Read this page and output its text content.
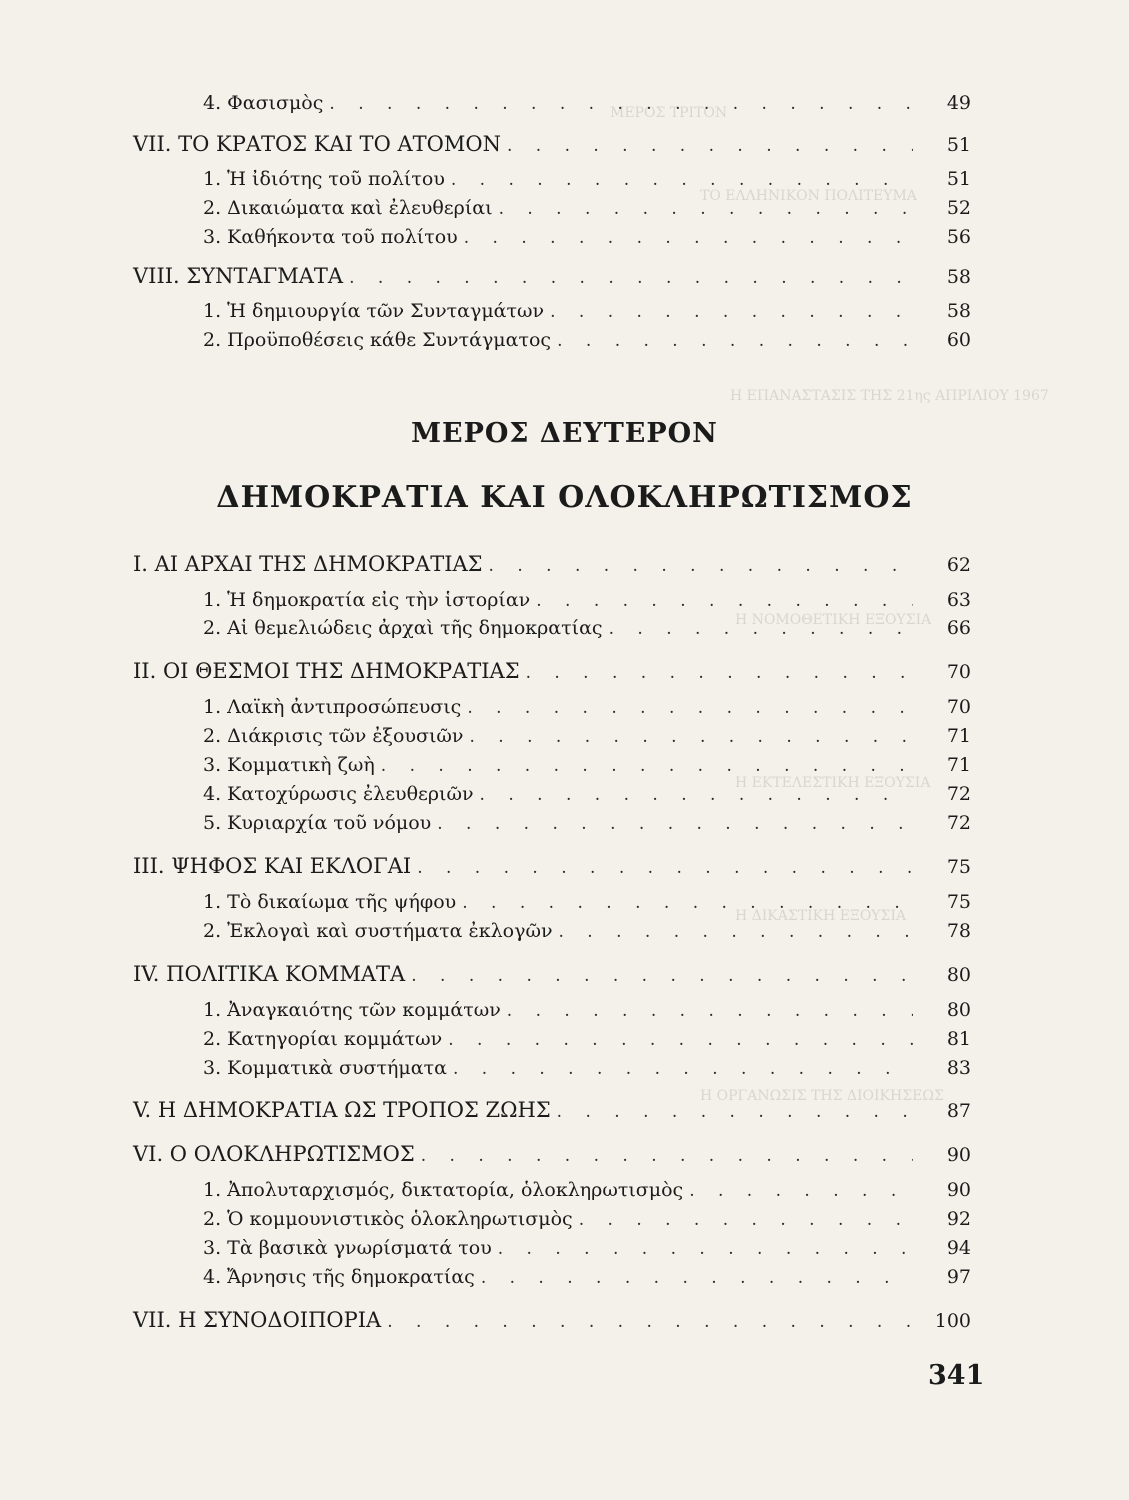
ΜΕΡΟΣ ΤΡΙΤΟΝ
ΤΟ ΕΛΛΗΝΙΚΟΝ ΠΟΛΙΤΕΥΜΑ
Η ΕΠΑΝΑΣΤΑΣΙΣ ΤΗΣ 21ης ΑΠΡΙΛΙΟΥ 1967
Η ΝΟΜΟΘΕΤΙΚΗ ΕΞΟΥΣΙΑ
Η ΕΚΤΕΛΕΣΤΙΚΗ ΕΞΟΥΣΙΑ
Η ΔΙΚΑΣΤΙΚΗ ΕΞΟΥΣΙΑ
Η ΟΡΓΑΝΩΣΙΣ ΤΗΣ ΔΙΟΙΚΗΣΕΩΣ
4. Φασισμὸς . . .	49
VII. ΤΟ ΚΡΑΤΟΣ ΚΑΙ ΤΟ ΑΤΟΜΟΝ . . .	51
1. Ἡ ἰδιότης τοῦ πολίτου . . .	51
2. Δικαιώματα καὶ ἐλευθερίαι . . .	52
3. Καθήκοντα τοῦ πολίτου . . .	56
VIII. ΣΥΝΤΑΓΜΑΤΑ . . .	58
1. Ἡ δημιουργία τῶν Συνταγμάτων . . .	58
2. Προϋποθέσεις κάθε Συντάγματος . . .	60
ΜΕΡΟΣ ΔΕΥΤΕΡΟΝ
ΔΗΜΟΚΡΑΤΙΑ ΚΑΙ ΟΛΟΚΛΗΡΩΤΙΣΜΟΣ
I. ΑΙ ΑΡΧΑΙ ΤΗΣ ΔΗΜΟΚΡΑΤΙΑΣ . . .	62
1. Ἡ δημοκρατία εἰς τὴν ἱστορίαν . . .	63
2. Αἱ θεμελιώδεις ἀρχαὶ τῆς δημοκρατίας . . .	66
II. ΟΙ ΘΕΣΜΟΙ ΤΗΣ ΔΗΜΟΚΡΑΤΙΑΣ . . .	70
1. Λαϊκὴ ἀντιπροσώπευσις . . .	70
2. Διάκρισις τῶν ἐξουσιῶν . . .	71
3. Κομματικὴ ζωὴ . . .	71
4. Κατοχύρωσις ἐλευθεριῶν . . .	72
5. Κυριαρχία τοῦ νόμου . . .	72
III. ΨΗΦΟΣ ΚΑΙ ΕΚΛΟΓΑΙ . . .	75
1. Τὸ δικαίωμα τῆς ψήφου . . .	75
2. Ἐκλογαὶ καὶ συστήματα ἐκλογῶν . . .	78
IV. ΠΟΛΙΤΙΚΑ ΚΟΜΜΑΤΑ . . .	80
1. Ἀναγκαιότης τῶν κομμάτων . . .	80
2. Κατηγορίαι κομμάτων . . .	81
3. Κομματικὰ συστήματα . . .	83
V. Η ΔΗΜΟΚΡΑΤΙΑ ΩΣ ΤΡΟΠΟΣ ΖΩΗΣ . . .	87
VI. Ο ΟΛΟΚΛΗΡΩΤΙΣΜΟΣ . . .	90
1. Ἀπολυταρχισμός, δικτατορία, ὁλοκληρωτισμὸς . . .	90
2. Ὁ κομμουνιστικὸς ὁλοκληρωτισμὸς . . .	92
3. Τὰ βασικὰ γνωρίσματά του . . .	94
4. Ἄρνησις τῆς δημοκρατίας . . .	97
VII. Η ΣΥΝΟΔΟΙΠΟΡΙΑ . . .	100
341
